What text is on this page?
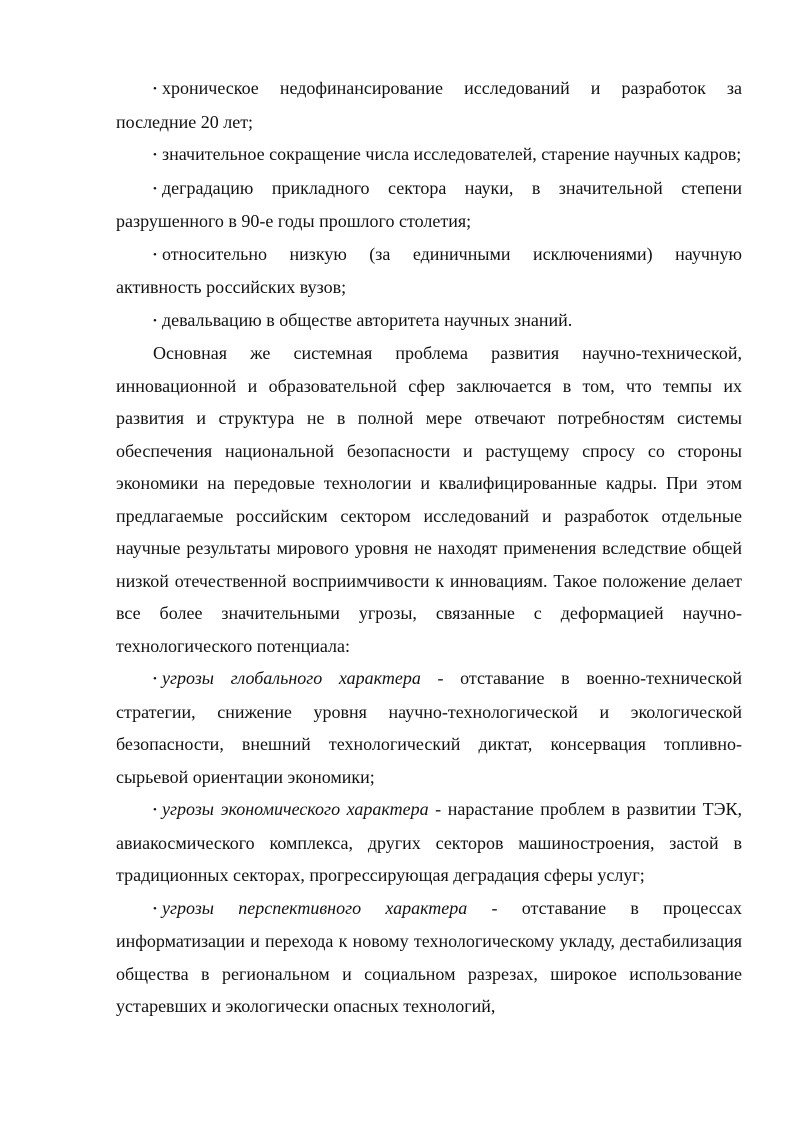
• хроническое недофинансирование исследований и разработок за последние 20 лет;

• значительное сокращение числа исследователей, старение научных кадров;

• деградацию прикладного сектора науки, в значительной степени разрушенного в 90-е годы прошлого столетия;

• относительно низкую (за единичными исключениями) научную активность российских вузов;

• девальвацию в обществе авторитета научных знаний.

Основная же системная проблема развития научно-технической, инновационной и образовательной сфер заключается в том, что темпы их развития и структура не в полной мере отвечают потребностям системы обеспечения национальной безопасности и растущему спросу со стороны экономики на передовые технологии и квалифицированные кадры. При этом предлагаемые российским сектором исследований и разработок отдельные научные результаты мирового уровня не находят применения вследствие общей низкой отечественной восприимчивости к инновациям. Такое положение делает все более значительными угрозы, связанные с деформацией научно-технологического потенциала:

• угрозы глобального характера - отставание в военно-технической стратегии, снижение уровня научно-технологической и экологической безопасности, внешний технологический диктат, консервация топливно-сырьевой ориентации экономики;

• угрозы экономического характера - нарастание проблем в развитии ТЭК, авиакосмического комплекса, других секторов машиностроения, застой в традиционных секторах, прогрессирующая деградация сферы услуг;

• угрозы перспективного характера - отставание в процессах информатизации и перехода к новому технологическому укладу, дестабилизация общества в региональном и социальном разрезах, широкое использование устаревших и экологически опасных технологий,
